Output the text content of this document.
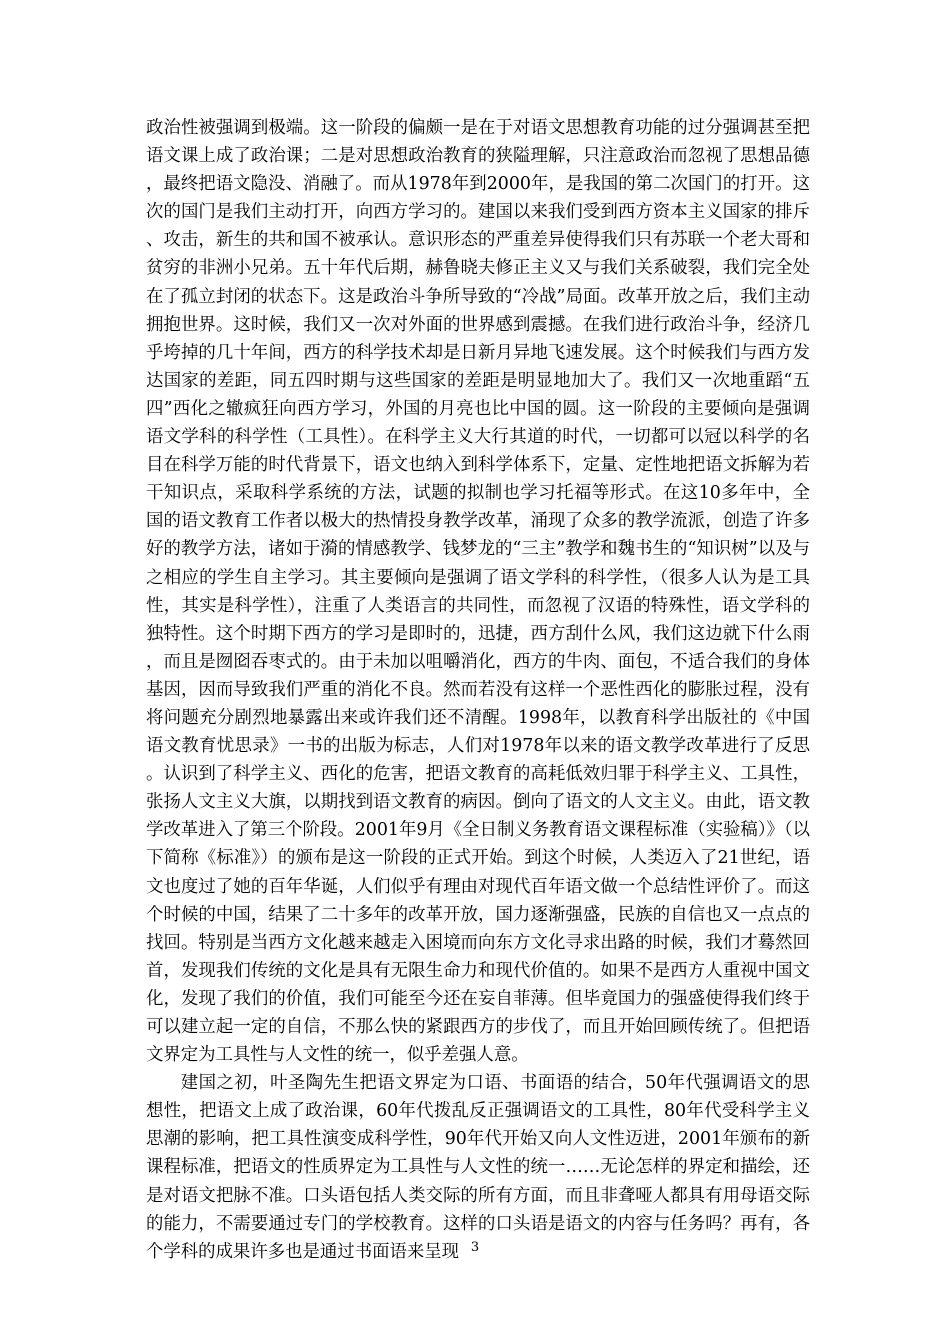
政治性被强调到极端。这一阶段的偏颇一是在于对语文思想教育功能的过分强调甚至把语文课上成了政治课；二是对思想政治教育的狭隘理解，只注意政治而忽视了思想品德，最终把语文隐没、消融了。而从1978年到2000年，是我国的第二次国门的打开。这次的国门是我们主动打开，向西方学习的。建国以来我们受到西方资本主义国家的排斥、攻击，新生的共和国不被承认。意识形态的严重差异使得我们只有苏联一个老大哥和贫穷的非洲小兄弟。五十年代后期，赫鲁晓夫修正主义又与我们关系破裂，我们完全处在了孤立封闭的状态下。这是政治斗争所导致的“冷战”局面。改革开放之后，我们主动拥抱世界。这时候，我们又一次对外面的世界感到震撼。在我们进行政治斗争，经济几乎垮掉的几十年间，西方的科学技术却是日新月异地飞速发展。这个时候我们与西方发达国家的差距，同五四时期与这些国家的差距是明显地加大了。我们又一次地重蹈“五四”西化之辙疯狂向西方学习，外国的月亮也比中国的圆。这一阶段的主要倾向是强调语文学科的科学性（工具性）。在科学主义大行其道的时代，一切都可以冠以科学的名目在科学万能的时代背景下，语文也纳入到科学体系下，定量、定性地把语文拆解为若干知识点，采取科学系统的方法，试题的拟制也学习托福等形式。在这10多年中，全国的语文教育工作者以极大的热情投身教学改革，涌现了众多的教学流派，创造了许多好的教学方法，诸如于漪的情感教学、钱梦龙的“三主”教学和魏书生的“知识树”以及与之相应的学生自主学习。其主要倾向是强调了语文学科的科学性，（很多人认为是工具性，其实是科学性），注重了人类语言的共同性，而忽视了汉语的特殊性，语文学科的独特性。这个时期下西方的学习是即时的，迅捷，西方刮什么风，我们这边就下什么雨，而且是囫囵吞枣式的。由于未加以咀嚼消化，西方的牛肉、面包，不适合我们的身体基因，因而导致我们严重的消化不良。然而若没有这样一个恶性西化的膨胀过程，没有将问题充分剧烈地暴露出来或许我们还不清醒。1998年，以教育科学出版社的《中国语文教育忧思录》一书的出版为标志，人们对1978年以来的语文教学改革进行了反思。认识到了科学主义、西化的危害，把语文教育的高耗低效归罪于科学主义、工具性，张扬人文主义大旗，以期找到语文教育的病因。倒向了语文的人文主义。由此，语文教学改革进入了第三个阶段。2001年9月《全日制义务教育语文课程标准（实验稿）》（以下简称《标准》）的颁布是这一阶段的正式开始。到这个时候，人类迈入了21世纪，语文也度过了她的百年华诞，人们似乎有理由对现代百年语文做一个总结性评价了。而这个时候的中国，结果了二十多年的改革开放，国力逐渐强盛，民族的自信也又一点点的找回。特别是当西方文化越来越走入困境而向东方文化寻求出路的时候，我们才蓦然回首，发现我们传统的文化是具有无限生命力和现代价值的。如果不是西方人重视中国文化，发现了我们的价值，我们可能至今还在妄自菲薄。但毕竟国力的强盛使得我们终于可以建立起一定的自信，不那么快的紧跟西方的步伐了，而且开始回顾传统了。但把语文界定为工具性与人文性的统一，似乎差强人意。

建国之初，叶圣陶先生把语文界定为口语、书面语的结合，50年代强调语文的思想性，把语文上成了政治课，60年代拨乱反正强调语文的工具性，80年代受科学主义思潮的影响，把工具性演变成科学性，90年代开始又向人文性迈进，2001年颁布的新课程标准，把语文的性质界定为工具性与人文性的统一……无论怎样的界定和描绘，还是对语文把脉不准。口头语包括人类交际的所有方面，而且非聋哑人都具有用母语交际的能力，不需要通过专门的学校教育。这样的口头语是语文的内容与任务吗？再有，各个学科的成果许多也是通过书面语来呈现 3
